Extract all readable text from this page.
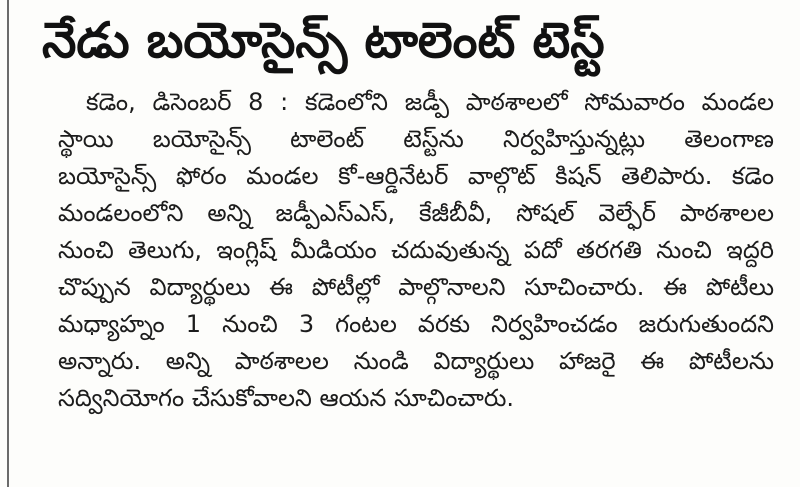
నేడు బయోసైన్స్ టాలెంట్ టెస్ట్
కడెం, డిసెంబర్ 8 : కడెంలోని జడ్పీ పాఠశాలలో సోమవారం మండల
స్థాయి బయోసైన్స్ టాలెంట్ టెస్ట్‌ను నిర్వహిస్తున్నట్లు తెలంగాణ
బయోసైన్స్ ఫోరం మండల కో-ఆర్డినేటర్ వాల్గొట్ కిషన్ తెలిపారు. కడెం
మండలంలోని అన్ని జడ్పీఎస్ఎస్, కేజీబీవీ, సోషల్ వెల్ఫేర్ పాఠశాలల
నుంచి తెలుగు, ఇంగ్లిష్ మీడియం చదువుతున్న పదో తరగతి నుంచి ఇద్దరి
చొప్పున విద్యార్థులు ఈ పోటీల్లో పాల్గొనాలని సూచించారు. ఈ పోటీలు
మధ్యాహ్నం 1 నుంచి 3 గంటల వరకు నిర్వహించడం జరుగుతుందని
అన్నారు. అన్ని పాఠశాలల నుండి విద్యార్థులు హాజరై ఈ పోటీలను
సద్వినియోగం చేసుకోవాలని ఆయన సూచించారు.
